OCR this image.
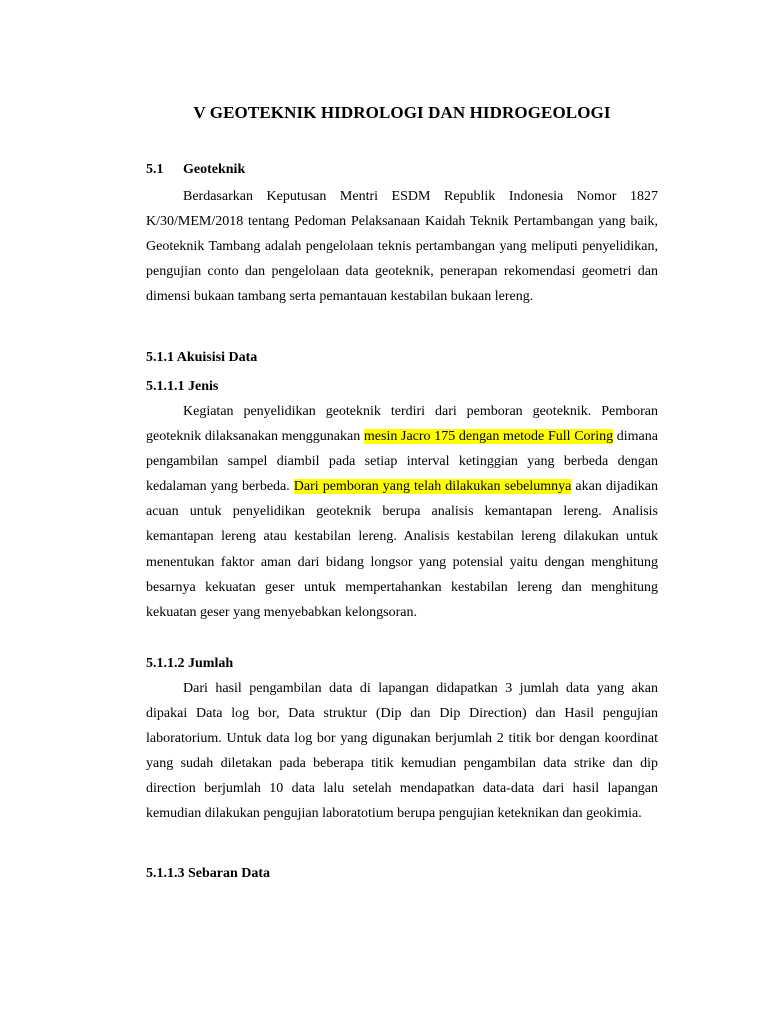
V GEOTEKNIK HIDROLOGI DAN HIDROGEOLOGI
5.1 Geoteknik

Berdasarkan Keputusan Mentri ESDM Republik Indonesia Nomor 1827 K/30/MEM/2018 tentang Pedoman Pelaksanaan Kaidah Teknik Pertambangan yang baik, Geoteknik Tambang adalah pengelolaan teknis pertambangan yang meliputi penyelidikan, pengujian conto dan pengelolaan data geoteknik, penerapan rekomendasi geometri dan dimensi bukaan tambang serta pemantauan kestabilan bukaan lereng.

5.1.1 Akuisisi Data
5.1.1.1 Jenis

Kegiatan penyelidikan geoteknik terdiri dari pemboran geoteknik. Pemboran geoteknik dilaksanakan menggunakan mesin Jacro 175 dengan metode Full Coring dimana pengambilan sampel diambil pada setiap interval ketinggian yang berbeda dengan kedalaman yang berbeda. Dari pemboran yang telah dilakukan sebelumnya akan dijadikan acuan untuk penyelidikan geoteknik berupa analisis kemantapan lereng. Analisis kemantapan lereng atau kestabilan lereng. Analisis kestabilan lereng dilakukan untuk menentukan faktor aman dari bidang longsor yang potensial yaitu dengan menghitung besarnya kekuatan geser untuk mempertahankan kestabilan lereng dan menghitung kekuatan geser yang menyebabkan kelongsoran.

5.1.1.2 Jumlah

Dari hasil pengambilan data di lapangan didapatkan 3 jumlah data yang akan dipakai Data log bor, Data struktur (Dip dan Dip Direction) dan Hasil pengujian laboratorium. Untuk data log bor yang digunakan berjumlah 2 titik bor dengan koordinat yang sudah diletakan pada beberapa titik kemudian pengambilan data strike dan dip direction berjumlah 10 data lalu setelah mendapatkan data-data dari hasil lapangan kemudian dilakukan pengujian laboratotium berupa pengujian keteknikan dan geokimia.

5.1.1.3 Sebaran Data
